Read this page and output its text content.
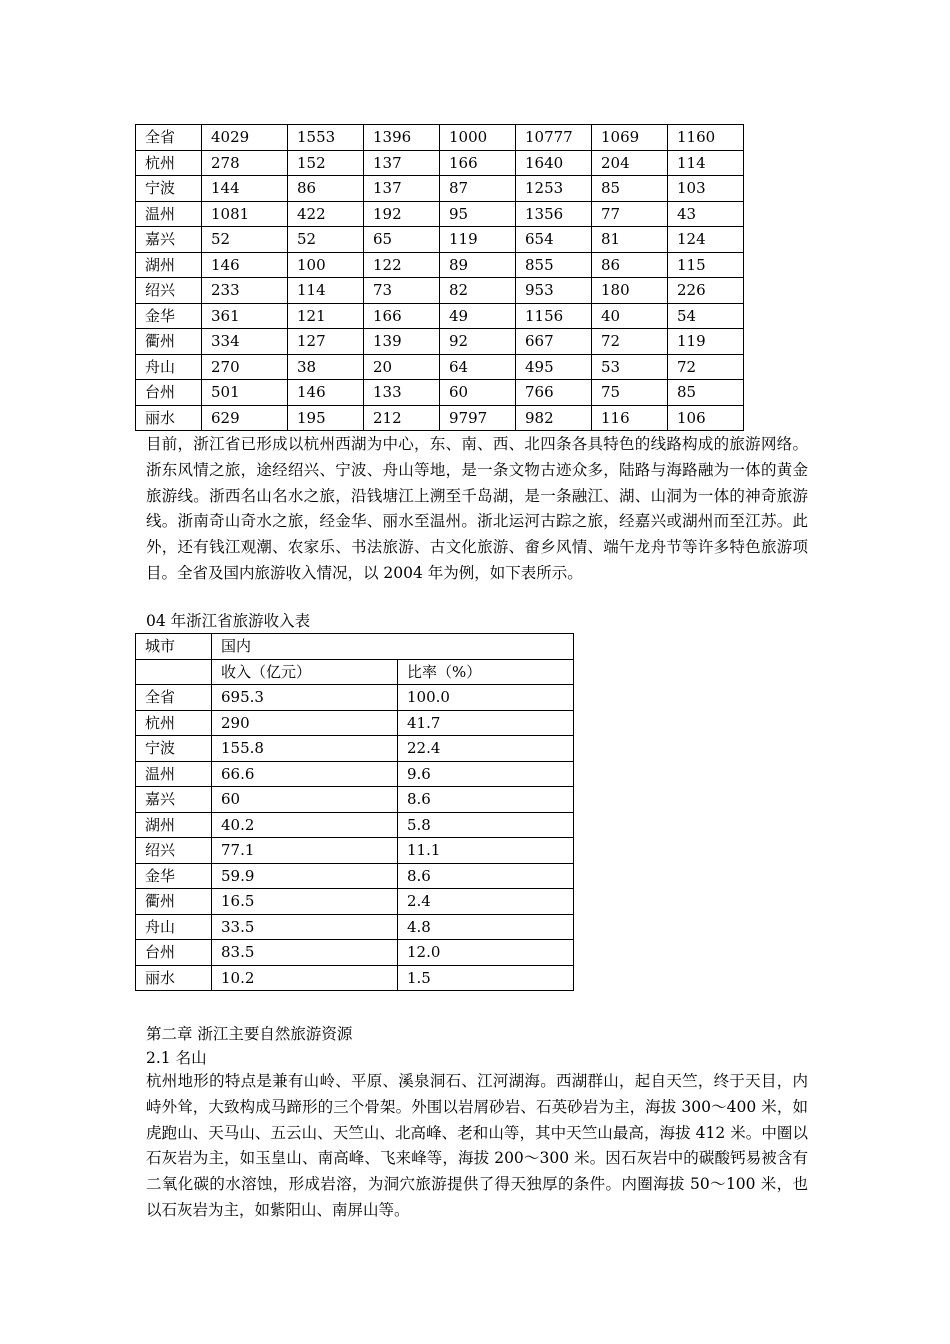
全省	4029	1553	1396	1000	10777	1069	1160
杭州	278	152	137	166	1640	204	114
宁波	144	86	137	87	1253	85	103
温州	1081	422	192	95	1356	77	43
嘉兴	52	52	65	119	654	81	124
湖州	146	100	122	89	855	86	115
绍兴	233	114	73	82	953	180	226
金华	361	121	166	49	1156	40	54
衢州	334	127	139	92	667	72	119
舟山	270	38	20	64	495	53	72
台州	501	146	133	60	766	75	85
丽水	629	195	212	9797	982	116	106

目前，浙江省已形成以杭州西湖为中心，东、南、西、北四条各具特色的线路构成的旅游网络。浙东风情之旅，途经绍兴、宁波、舟山等地，是一条文物古迹众多，陆路与海路融为一体的黄金旅游线。浙西名山名水之旅，沿钱塘江上溯至千岛湖，是一条融江、湖、山洞为一体的神奇旅游线。浙南奇山奇水之旅，经金华、丽水至温州。浙北运河古踪之旅，经嘉兴或湖州而至江苏。此外，还有钱江观潮、农家乐、书法旅游、古文化旅游、畲乡风情、端午龙舟节等许多特色旅游项目。全省及国内旅游收入情况，以 2004 年为例，如下表所示。

04 年浙江省旅游收入表

城市	国内	
	收入（亿元）	比率（%）
全省	695.3	100.0
杭州	290	41.7
宁波	155.8	22.4
温州	66.6	9.6
嘉兴	60	8.6
湖州	40.2	5.8
绍兴	77.1	11.1
金华	59.9	8.6
衢州	16.5	2.4
舟山	33.5	4.8
台州	83.5	12.0
丽水	10.2	1.5

第二章 浙江主要自然旅游资源

2.1 名山

杭州地形的特点是兼有山岭、平原、溪泉洞石、江河湖海。西湖群山，起自天竺，终于天目，内峙外耸，大致构成马蹄形的三个骨架。外围以岩屑砂岩、石英砂岩为主，海拔 300～400 米，如虎跑山、天马山、五云山、天竺山、北高峰、老和山等，其中天竺山最高，海拔 412 米。中圈以石灰岩为主，如玉皇山、南高峰、飞来峰等，海拔 200～300 米。因石灰岩中的碳酸钙易被含有二氧化碳的水溶蚀，形成岩溶，为洞穴旅游提供了得天独厚的条件。内圈海拔 50～100 米，也以石灰岩为主，如紫阳山、南屏山等。
